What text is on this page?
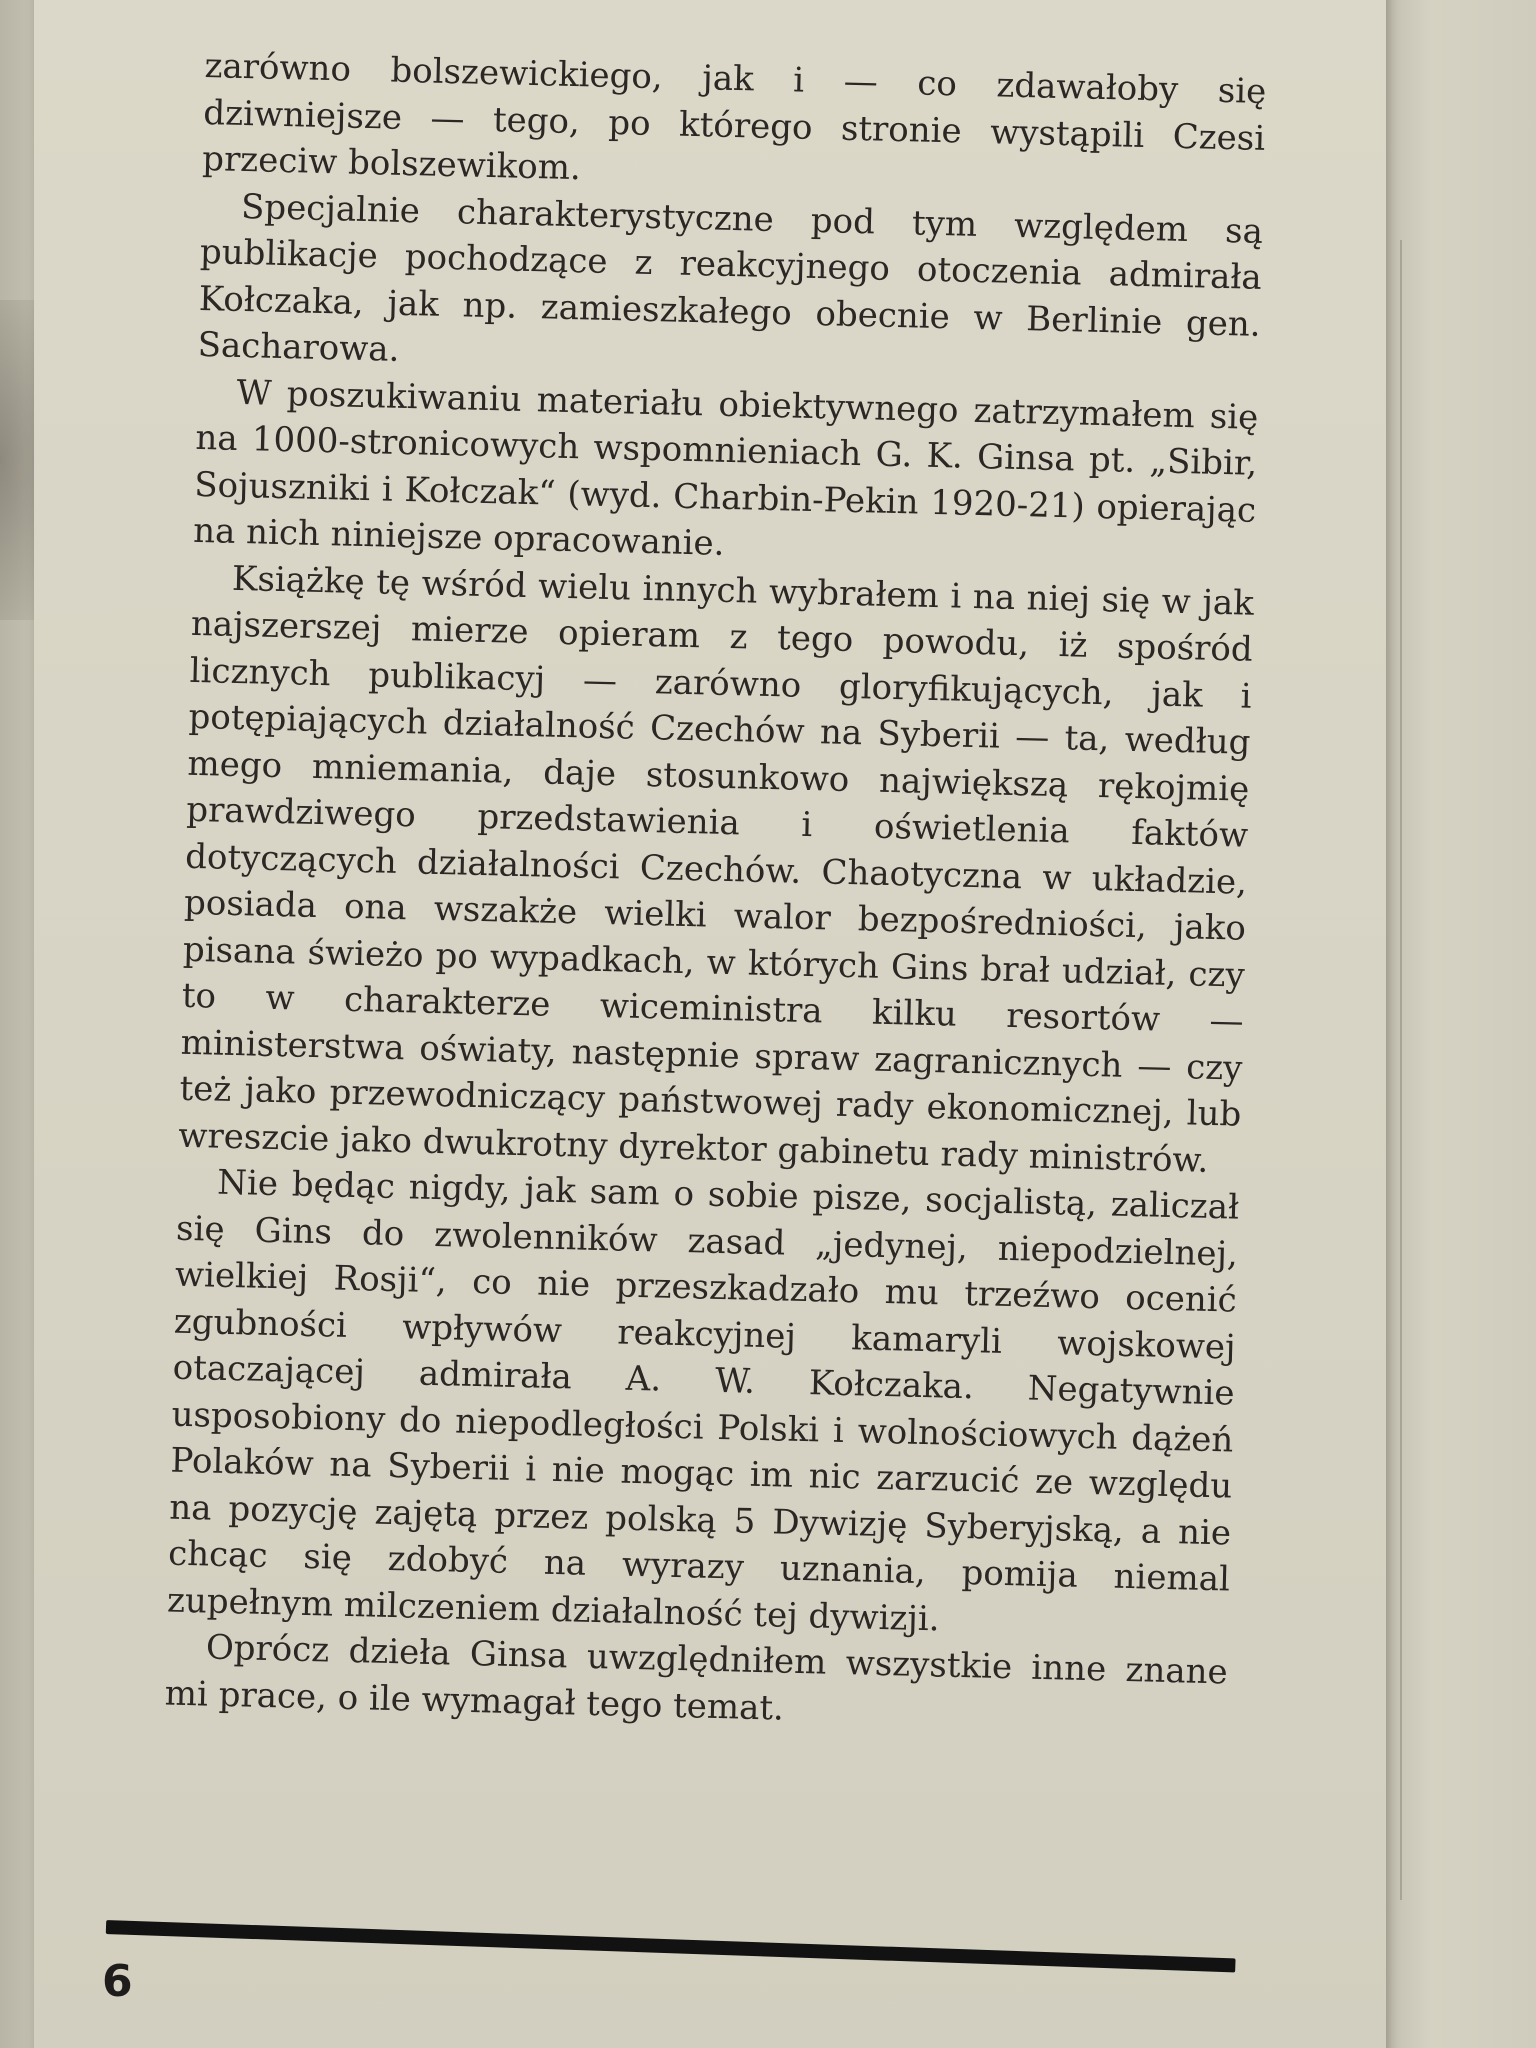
zarówno bolszewickiego, jak i — co zdawałoby się dziwniejsze — tego, po którego stronie wystąpili Czesi przeciw bolszewikom.

Specjalnie charakterystyczne pod tym względem są publikacje pochodzące z reakcyjnego otoczenia admirała Kołczaka, jak np. zamieszkałego obecnie w Berlinie gen. Sacharowa.

W poszukiwaniu materiału obiektywnego zatrzymałem się na 1000-stronicowych wspomnieniach G. K. Ginsa pt. „Sibir, Sojuszniki i Kołczak“ (wyd. Charbin-Pekin 1920-21) opierając na nich niniejsze opracowanie.

Książkę tę wśród wielu innych wybrałem i na niej się w jak najszerszej mierze opieram z tego powodu, iż spośród licznych publikacyj — zarówno gloryfikujących, jak i potępiających działalność Czechów na Syberii — ta, według mego mniemania, daje stosunkowo największą rękojmię prawdziwego przedstawienia i oświetlenia faktów dotyczących działalności Czechów. Chaotyczna w układzie, posiada ona wszakże wielki walor bezpośredniości, jako pisana świeżo po wypadkach, w których Gins brał udział, czy to w charakterze wiceministra kilku resortów — ministerstwa oświaty, następnie spraw zagranicznych — czy też jako przewodniczący państwowej rady ekonomicznej, lub wreszcie jako dwukrotny dyrektor gabinetu rady ministrów.

Nie będąc nigdy, jak sam o sobie pisze, socjalistą, zaliczał się Gins do zwolenników zasad „jedynej, niepodzielnej, wielkiej Rosji“, co nie przeszkadzało mu trzeźwo ocenić zgubności wpływów reakcyjnej kamaryli wojskowej otaczającej admirała A. W. Kołczaka. Negatywnie usposobiony do niepodległości Polski i wolnościowych dążeń Polaków na Syberii i nie mogąc im nic zarzucić ze względu na pozycję zajętą przez polską 5 Dywizję Syberyjską, a nie chcąc się zdobyć na wyrazy uznania, pomija niemal zupełnym milczeniem działalność tej dywizji.

Oprócz dzieła Ginsa uwzględniłem wszystkie inne znane mi prace, o ile wymagał tego temat.

6
